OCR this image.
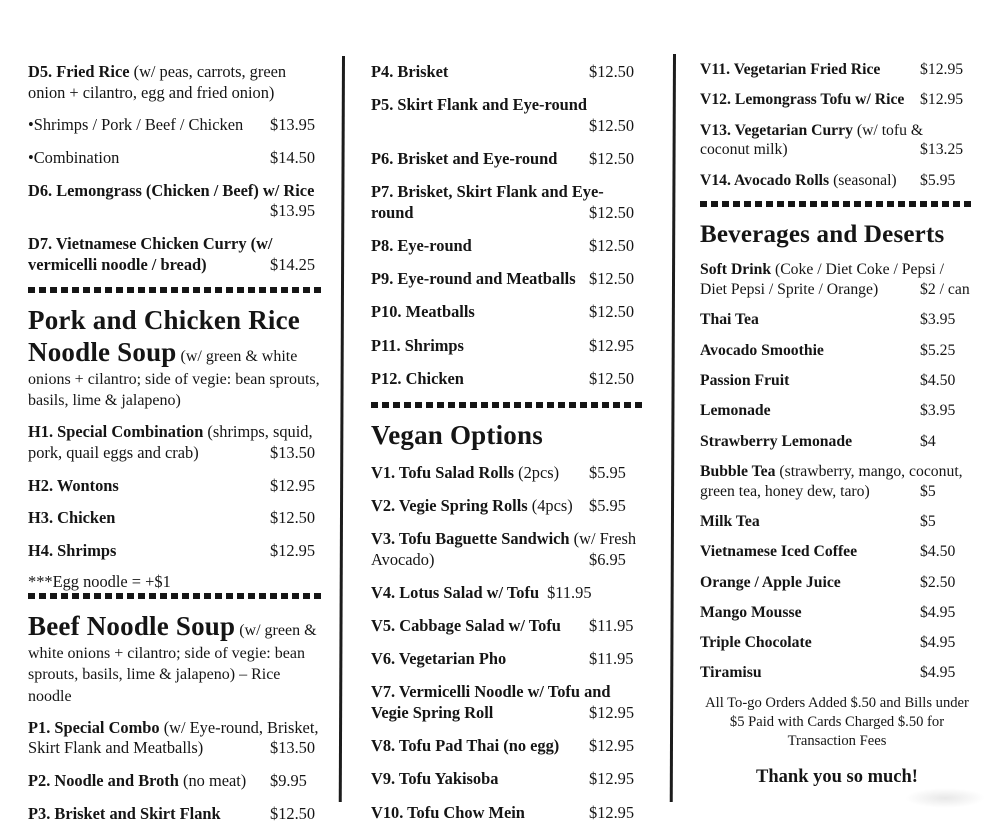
D5. Fried Rice (w/ peas, carrots, green onion + cilantro, egg and fried onion)
•Shrimps / Pork / Beef / Chicken $13.95
•Combination	$14.50
D6. Lemongrass (Chicken / Beef) w/ Rice
$13.95
D7. Vietnamese Chicken Curry (w/ vermicelli noodle / bread)	$14.25
Pork and Chicken Rice Noodle Soup (w/ green & white onions + cilantro; side of vegie: bean sprouts, basils, lime & jalapeno)
H1. Special Combination (shrimps, squid, pork, quail eggs and crab)	$13.50
H2. Wontons	$12.95
H3. Chicken	$12.50
H4. Shrimps	$12.95
***Egg noodle = +$1
Beef Noodle Soup (w/ green & white onions + cilantro; side of vegie: bean sprouts, basils, lime & jalapeno) – Rice noodle
P1. Special Combo (w/ Eye-round, Brisket, Skirt Flank and Meatballs)	$13.50
P2. Noodle and Broth (no meat) $9.95
P3. Brisket and Skirt Flank	$12.50
P4. Brisket	$12.50
P5. Skirt Flank and Eye-round
$12.50
P6. Brisket and Eye-round $12.50
P7. Brisket, Skirt Flank and Eye-round	$12.50
P8. Eye-round	$12.50
P9. Eye-round and Meatballs $12.50
P10. Meatballs	$12.50
P11. Shrimps	$12.95
P12. Chicken	$12.50
Vegan Options
V1. Tofu Salad Rolls (2pcs) $5.95
V2. Vegie Spring Rolls (4pcs) $5.95
V3. Tofu Baguette Sandwich (w/ Fresh Avocado)	$6.95
V4. Lotus Salad w/ Tofu $11.95
V5. Cabbage Salad w/ Tofu $11.95
V6. Vegetarian Pho	$11.95
V7. Vermicelli Noodle w/ Tofu and Vegie Spring Roll	$12.95
V8. Tofu Pad Thai (no egg) $12.95
V9. Tofu Yakisoba	$12.95
V10. Tofu Chow Mein	$12.95
V11. Vegetarian Fried Rice	$12.95
V12. Lemongrass Tofu w/ Rice $12.95
V13. Vegetarian Curry (w/ tofu & coconut milk)	$13.25
V14. Avocado Rolls (seasonal) $5.95
Beverages and Deserts
Soft Drink (Coke / Diet Coke / Pepsi / Diet Pepsi / Sprite / Orange)	$2 / can
Thai Tea	$3.95
Avocado Smoothie	$5.25
Passion Fruit	$4.50
Lemonade	$3.95
Strawberry Lemonade	$4
Bubble Tea (strawberry, mango, coconut, green tea, honey dew, taro)	$5
Milk Tea	$5
Vietnamese Iced Coffee	$4.50
Orange / Apple Juice	$2.50
Mango Mousse	$4.95
Triple Chocolate	$4.95
Tiramisu	$4.95
All To-go Orders Added $.50 and Bills under $5 Paid with Cards Charged $.50 for Transaction Fees
Thank you so much!
